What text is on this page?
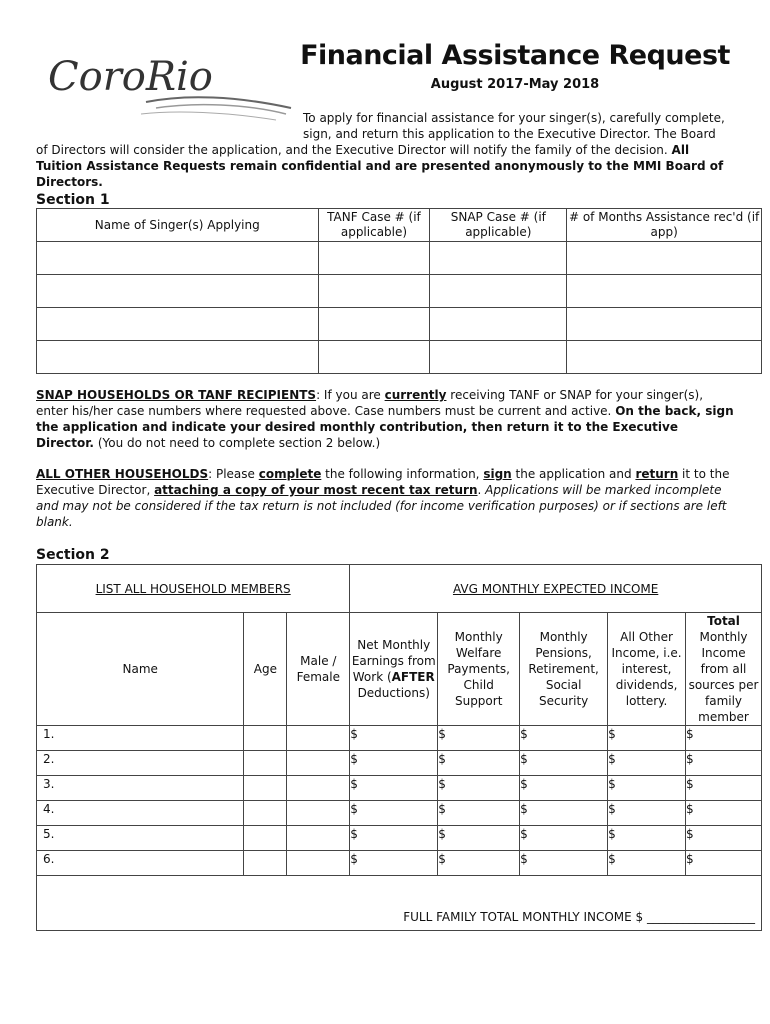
CoroRio	Financial Assistance Request
August 2017-May 2018
To apply for financial assistance for your singer(s), carefully complete, sign, and return this application to the Executive Director. The Board
of Directors will consider the application, and the Executive Director will notify the family of the decision. All Tuition Assistance Requests remain confidential and are presented anonymously to the MMI Board of Directors.
Section 1
Name of Singer(s) Applying	TANF Case # (if applicable)	SNAP Case # (if applicable)	# of Months Assistance rec'd (if app)

SNAP HOUSEHOLDS OR TANF RECIPIENTS: If you are currently receiving TANF or SNAP for your singer(s), enter his/her case numbers where requested above. Case numbers must be current and active. On the back, sign the application and indicate your desired monthly contribution, then return it to the Executive Director. (You do not need to complete section 2 below.)
ALL OTHER HOUSEHOLDS: Please complete the following information, sign the application and return it to the Executive Director, attaching a copy of your most recent tax return. Applications will be marked incomplete and may not be considered if the tax return is not included (for income verification purposes) or if sections are left blank.
Section 2
LIST ALL HOUSEHOLD MEMBERS			AVG MONTHLY EXPECTED INCOME				
Name	Age	Male / Female	Net Monthly Earnings from Work (AFTER Deductions)	Monthly Welfare Payments, Child Support	Monthly Pensions, Retirement, Social Security	All Other Income, i.e. interest, dividends, lottery.	Total
Monthly Income from all sources per family member

1.			$	$	$	$	$
2.			$	$	$	$	$
3.			$	$	$	$	$
4.			$	$	$	$	$
5.			$	$	$	$	$
6.			$	$	$	$	$
FULL FAMILY TOTAL MONTHLY INCOME $ __________________							
